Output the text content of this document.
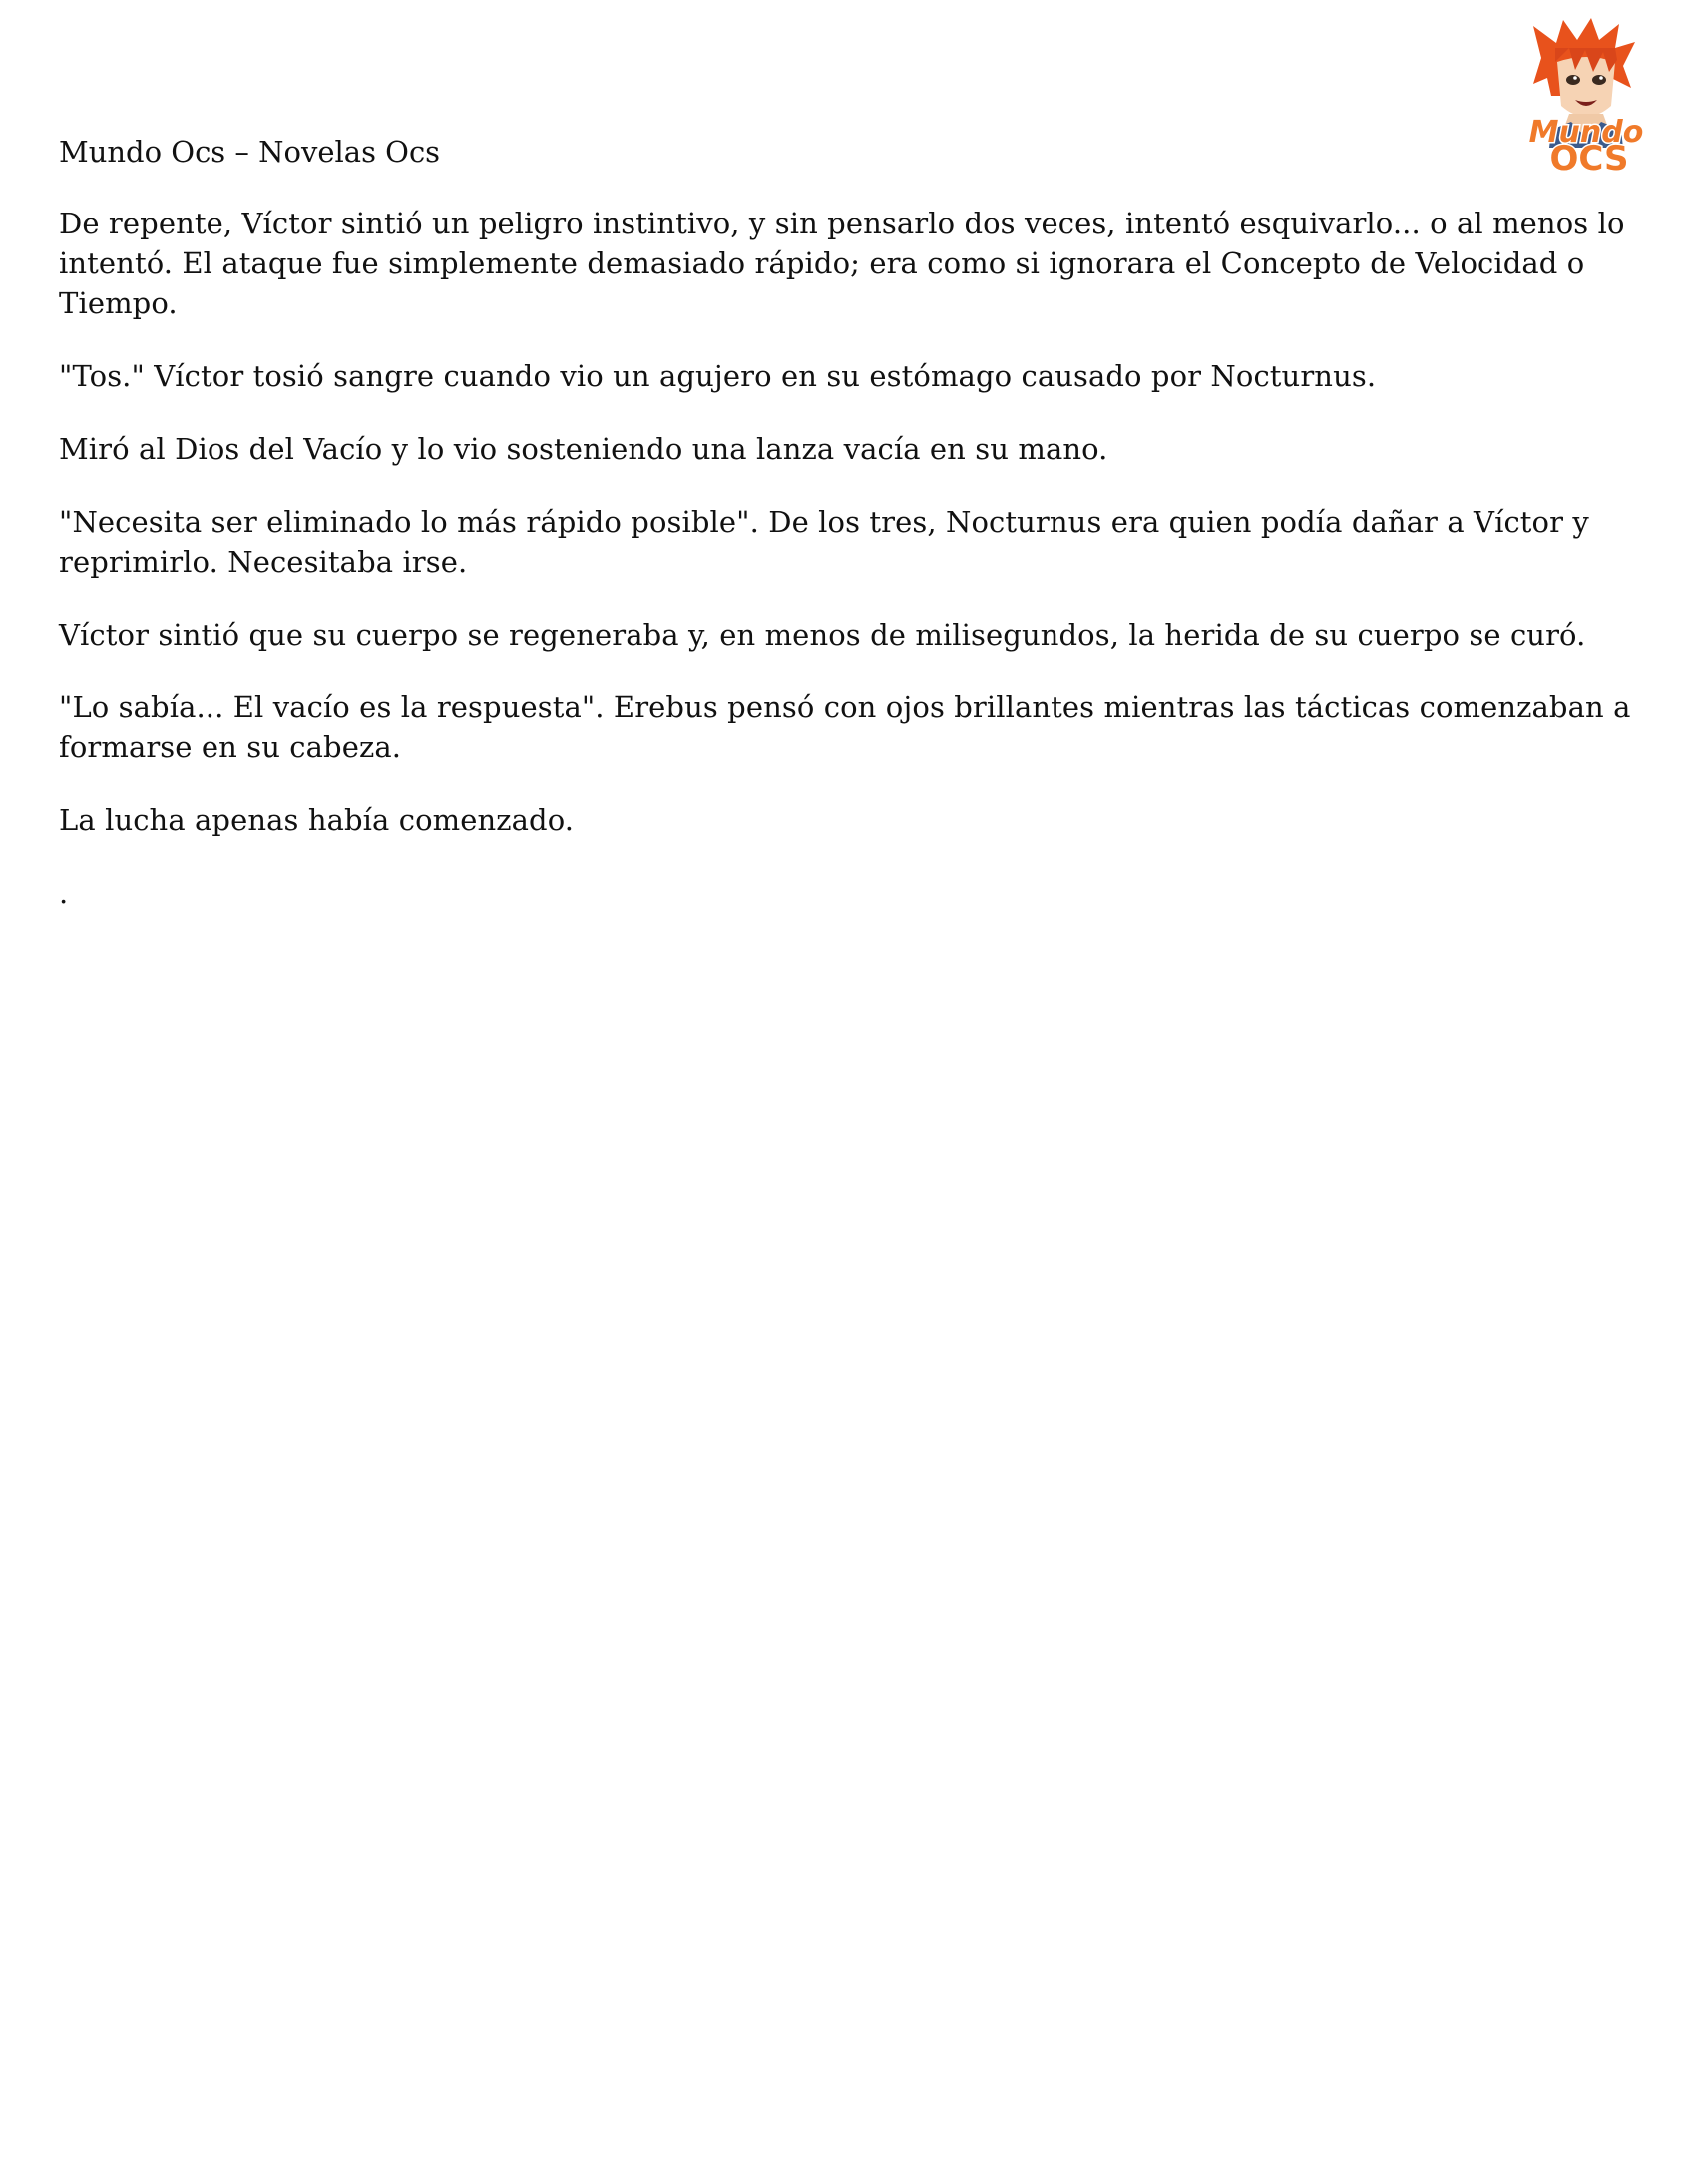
Mundo
OCS

Mundo Ocs – Novelas Ocs

De repente, Víctor sintió un peligro instintivo, y sin pensarlo dos veces, intentó esquivarlo... o al menos lo intentó. El ataque fue simplemente demasiado rápido; era como si ignorara el Concepto de Velocidad o Tiempo.

"Tos." Víctor tosió sangre cuando vio un agujero en su estómago causado por Nocturnus.

Miró al Dios del Vacío y lo vio sosteniendo una lanza vacía en su mano.

"Necesita ser eliminado lo más rápido posible". De los tres, Nocturnus era quien podía dañar a Víctor y reprimirlo. Necesitaba irse.

Víctor sintió que su cuerpo se regeneraba y, en menos de milisegundos, la herida de su cuerpo se curó.

"Lo sabía... El vacío es la respuesta". Erebus pensó con ojos brillantes mientras las tácticas comenzaban a formarse en su cabeza.

La lucha apenas había comenzado.

.
